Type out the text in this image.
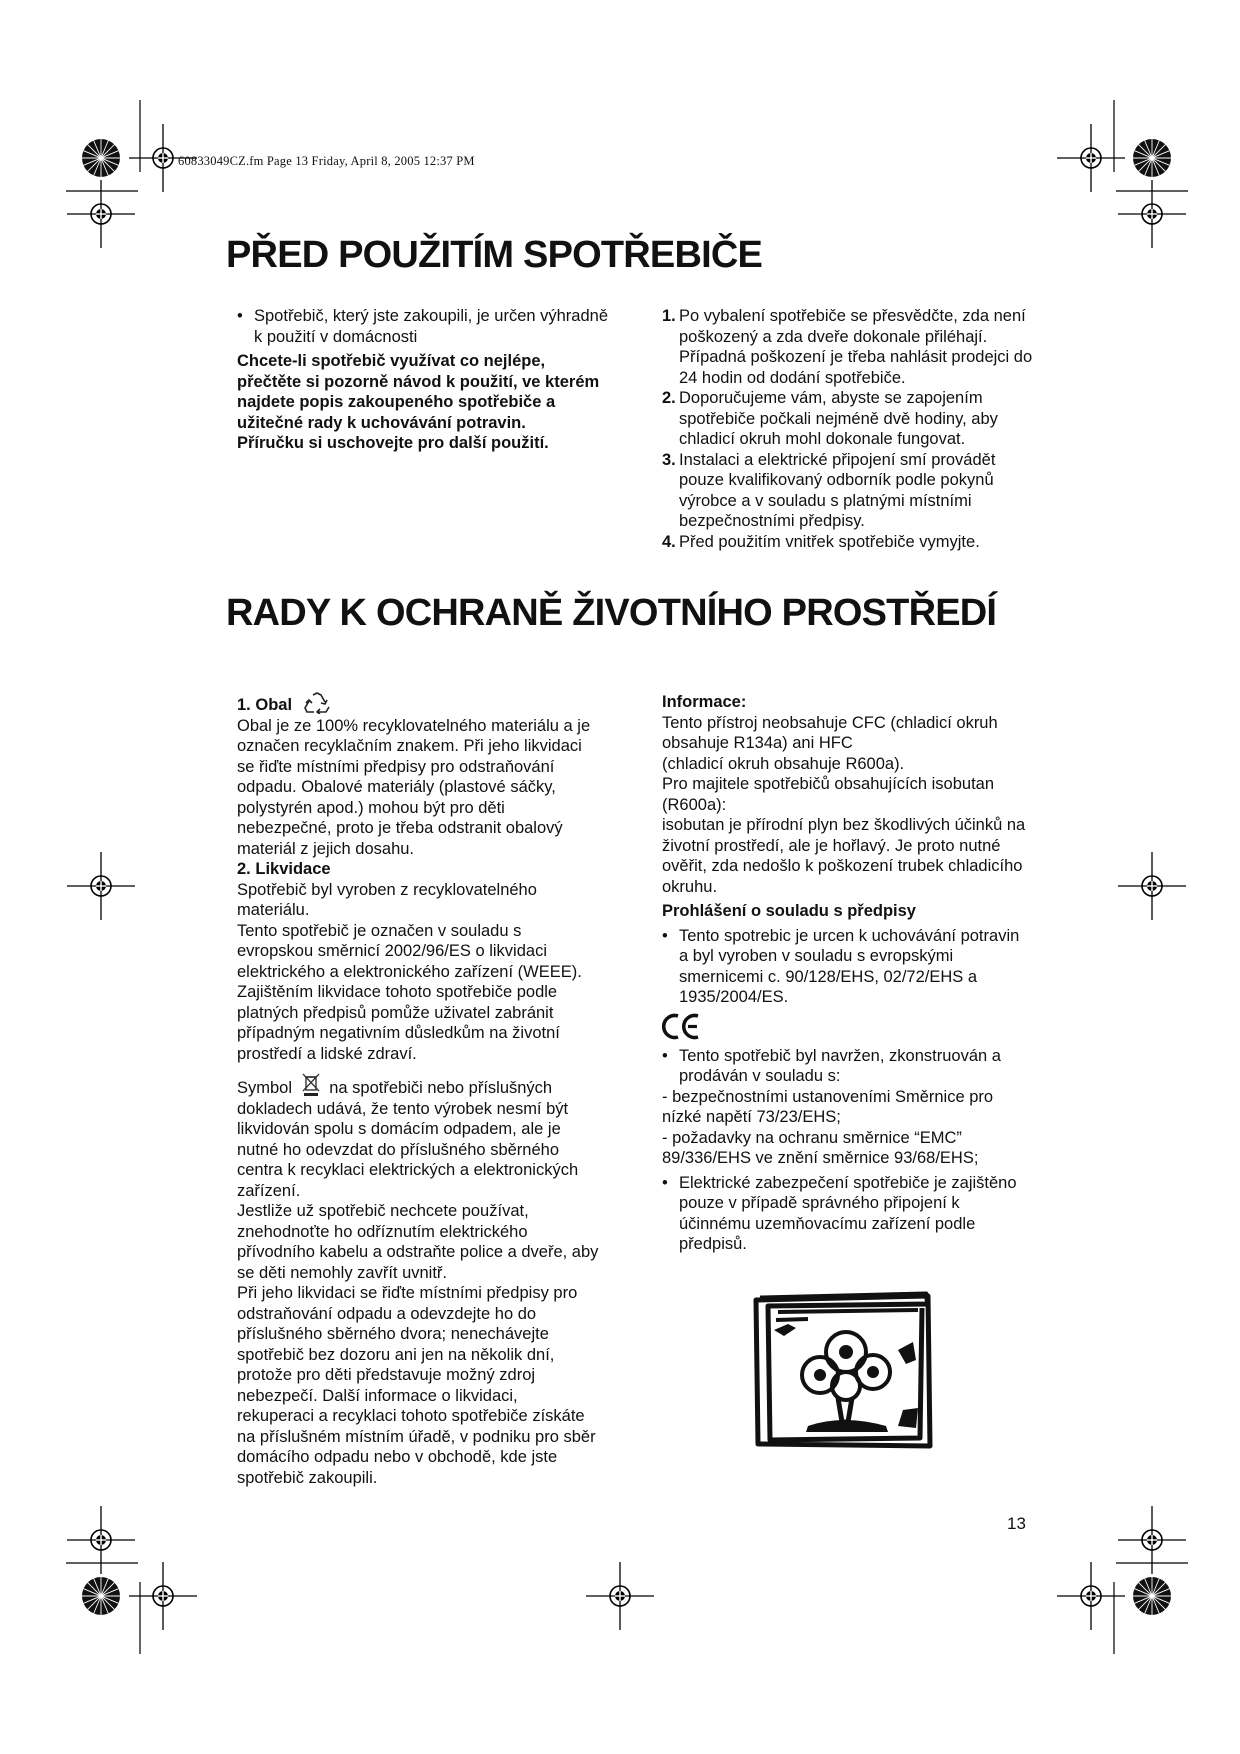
60833049CZ.fm Page 13 Friday, April 8, 2005 12:37 PM
PŘED POUŽITÍM SPOTŘEBIČE

• Spotřebič, který jste zakoupili, je určen výhradně k použití v domácnosti

Chcete-li spotřebič využívat co nejlépe, přečtěte si pozorně návod k použití, ve kterém najdete popis zakoupeného spotřebiče a užitečné rady k uchovávání potravin.

Příručku si uschovejte pro další použití.

1. Po vybalení spotřebiče se přesvědčte, zda není poškozený a zda dveře dokonale přiléhají. Případná poškození je třeba nahlásit prodejci do 24 hodin od dodání spotřebiče.

2. Doporučujeme vám, abyste se zapojením spotřebiče počkali nejméně dvě hodiny, aby chladicí okruh mohl dokonale fungovat.

3. Instalaci a elektrické připojení smí provádět pouze kvalifikovaný odborník podle pokynů výrobce a v souladu s platnými místními bezpečnostními předpisy.

4. Před použitím vnitřek spotřebiče vymyjte.

RADY K OCHRANĚ ŽIVOTNÍHO PROSTŘEDÍ

1. Obal

Obal je ze 100% recyklovatelného materiálu a je označen recyklačním znakem. Při jeho likvidaci se řiďte místními předpisy pro odstraňování odpadu. Obalové materiály (plastové sáčky, polystyrén apod.) mohou být pro děti nebezpečné, proto je třeba odstranit obalový materiál z jejich dosahu.

2. Likvidace

Spotřebič byl vyroben z recyklovatelného materiálu.

Tento spotřebič je označen v souladu s evropskou směrnicí 2002/96/ES o likvidaci elektrického a elektronického zařízení (WEEE).

Zajištěním likvidace tohoto spotřebiče podle platných předpisů pomůže uživatel zabránit případným negativním důsledkům na životní prostředí a lidské zdraví.

Symbol na spotřebiči nebo příslušných dokladech udává, že tento výrobek nesmí být likvidován spolu s domácím odpadem, ale je nutné ho odevzdat do příslušného sběrného centra k recyklaci elektrických a elektronických zařízení.

Jestliže už spotřebič nechcete používat, znehodnoťte ho odříznutím elektrického přívodního kabelu a odstraňte police a dveře, aby se děti nemohly zavřít uvnitř.

Při jeho likvidaci se řiďte místními předpisy pro odstraňování odpadu a odevzdejte ho do příslušného sběrného dvora; nenechávejte spotřebič bez dozoru ani jen na několik dní, protože pro děti představuje možný zdroj nebezpečí. Další informace o likvidaci, rekuperaci a recyklaci tohoto spotřebiče získáte na příslušném místním úřadě, v podniku pro sběr domácího odpadu nebo v obchodě, kde jste spotřebič zakoupili.

Informace:

Tento přístroj neobsahuje CFC (chladicí okruh obsahuje R134a) ani HFC

(chladicí okruh obsahuje R600a).

Pro majitele spotřebičů obsahujících isobutan (R600a):

isobutan je přírodní plyn bez škodlivých účinků na životní prostředí, ale je hořlavý. Je proto nutné ověřit, zda nedošlo k poškození trubek chladicího okruhu.

Prohlášení o souladu s předpisy

• Tento spotrebic je urcen k uchovávání potravin a byl vyroben v souladu s evropskými smernicemi c. 90/128/EHS, 02/72/EHS a 1935/2004/ES.

• Tento spotřebič byl navržen, zkonstruován a prodáván v souladu s:

- bezpečnostními ustanoveními Směrnice pro nízké napětí 73/23/EHS;

- požadavky na ochranu směrnice “EMC” 89/336/EHS ve znění směrnice 93/68/EHS;

• Elektrické zabezpečení spotřebiče je zajištěno pouze v případě správného připojení k účinnému uzemňovacímu zařízení podle předpisů.

13
